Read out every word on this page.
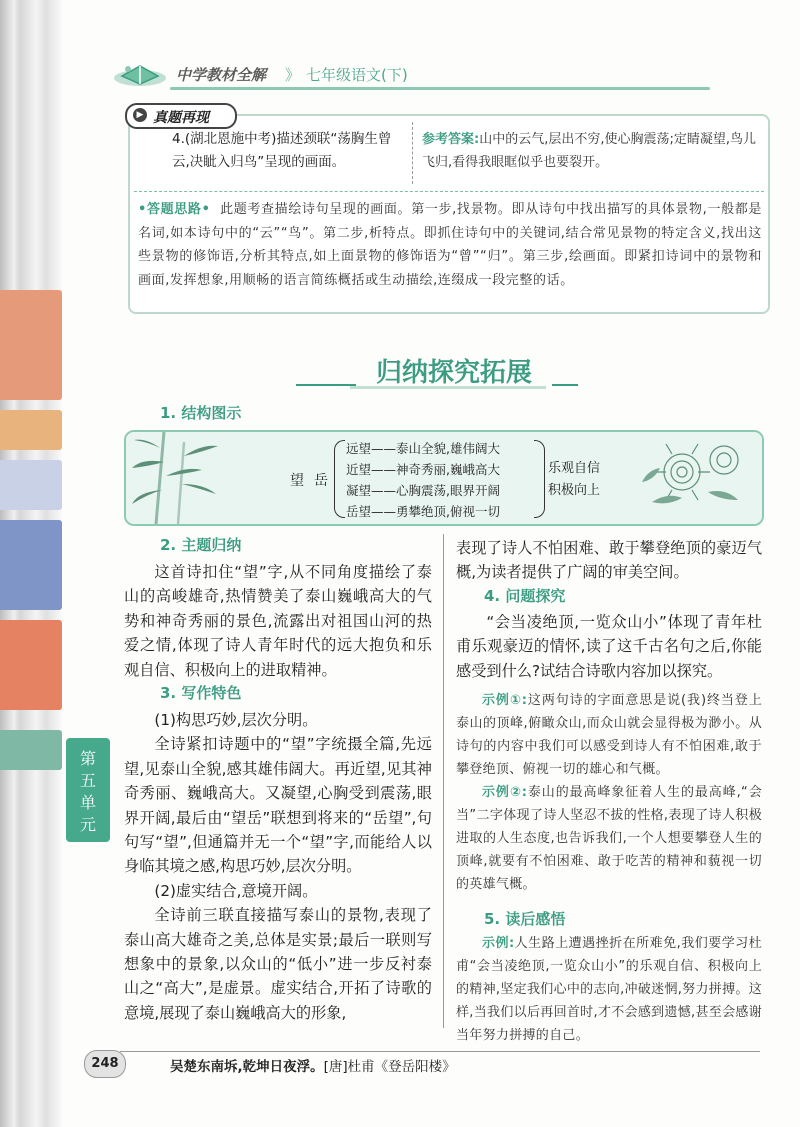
中学教材全解 》 七年级语文(下)
▶ 真题再现
4.(湖北恩施中考)描述颈联“荡胸生曾云,决眦入归鸟”呈现的画面。
参考答案:山中的云气,层出不穷,使心胸震荡;定睛凝望,鸟儿飞归,看得我眼眶似乎也要裂开。
•答题思路• 此题考查描绘诗句呈现的画面。第一步,找景物。即从诗句中找出描写的具体景物,一般都是名词,如本诗句中的“云”“鸟”。第二步,析特点。即抓住诗句中的关键词,结合常见景物的特定含义,找出这些景物的修饰语,分析其特点,如上面景物的修饰语为“曾”“归”。第三步,绘画面。即紧扣诗词中的景物和画面,发挥想象,用顺畅的语言简练概括或生动描绘,连缀成一段完整的话。
归纳探究拓展
1. 结构图示
望岳
远望——泰山全貌,雄伟阔大
近望——神奇秀丽,巍峨高大
凝望——心胸震荡,眼界开阔
岳望——勇攀绝顶,俯视一切
乐观自信
积极向上
2. 主题归纳

这首诗扣住“望”字,从不同角度描绘了泰山的高峻雄奇,热情赞美了泰山巍峨高大的气势和神奇秀丽的景色,流露出对祖国山河的热爱之情,体现了诗人青年时代的远大抱负和乐观自信、积极向上的进取精神。

3. 写作特色

(1)构思巧妙,层次分明。

全诗紧扣诗题中的“望”字统摄全篇,先远望,见泰山全貌,感其雄伟阔大。再近望,见其神奇秀丽、巍峨高大。又凝望,心胸受到震荡,眼界开阔,最后由“望岳”联想到将来的“岳望”,句句写“望”,但通篇并无一个“望”字,而能给人以身临其境之感,构思巧妙,层次分明。

(2)虚实结合,意境开阔。

全诗前三联直接描写泰山的景物,表现了泰山高大雄奇之美,总体是实景;最后一联则写想象中的景象,以众山的“低小”进一步反衬泰山之“高大”,是虚景。虚实结合,开拓了诗歌的意境,展现了泰山巍峨高大的形象,

表现了诗人不怕困难、敢于攀登绝顶的豪迈气概,为读者提供了广阔的审美空间。

4. 问题探究

“会当凌绝顶,一览众山小”体现了青年杜甫乐观豪迈的情怀,读了这千古名句之后,你能感受到什么?试结合诗歌内容加以探究。

示例①:这两句诗的字面意思是说(我)终当登上泰山的顶峰,俯瞰众山,而众山就会显得极为渺小。从诗句的内容中我们可以感受到诗人有不怕困难,敢于攀登绝顶、俯视一切的雄心和气概。

示例②:泰山的最高峰象征着人生的最高峰,“会当”二字体现了诗人坚忍不拔的性格,表现了诗人积极进取的人生态度,也告诉我们,一个人想要攀登人生的顶峰,就要有不怕困难、敢于吃苦的精神和藐视一切的英雄气概。

5. 读后感悟

示例:人生路上遭遇挫折在所难免,我们要学习杜甫“会当凌绝顶,一览众山小”的乐观自信、积极向上的精神,坚定我们心中的志向,冲破迷惘,努力拼搏。这样,当我们以后再回首时,才不会感到遗憾,甚至会感谢当年努力拼搏的自己。

第五单元
248	吴楚东南坼,乾坤日夜浮。[唐]杜甫《登岳阳楼》
